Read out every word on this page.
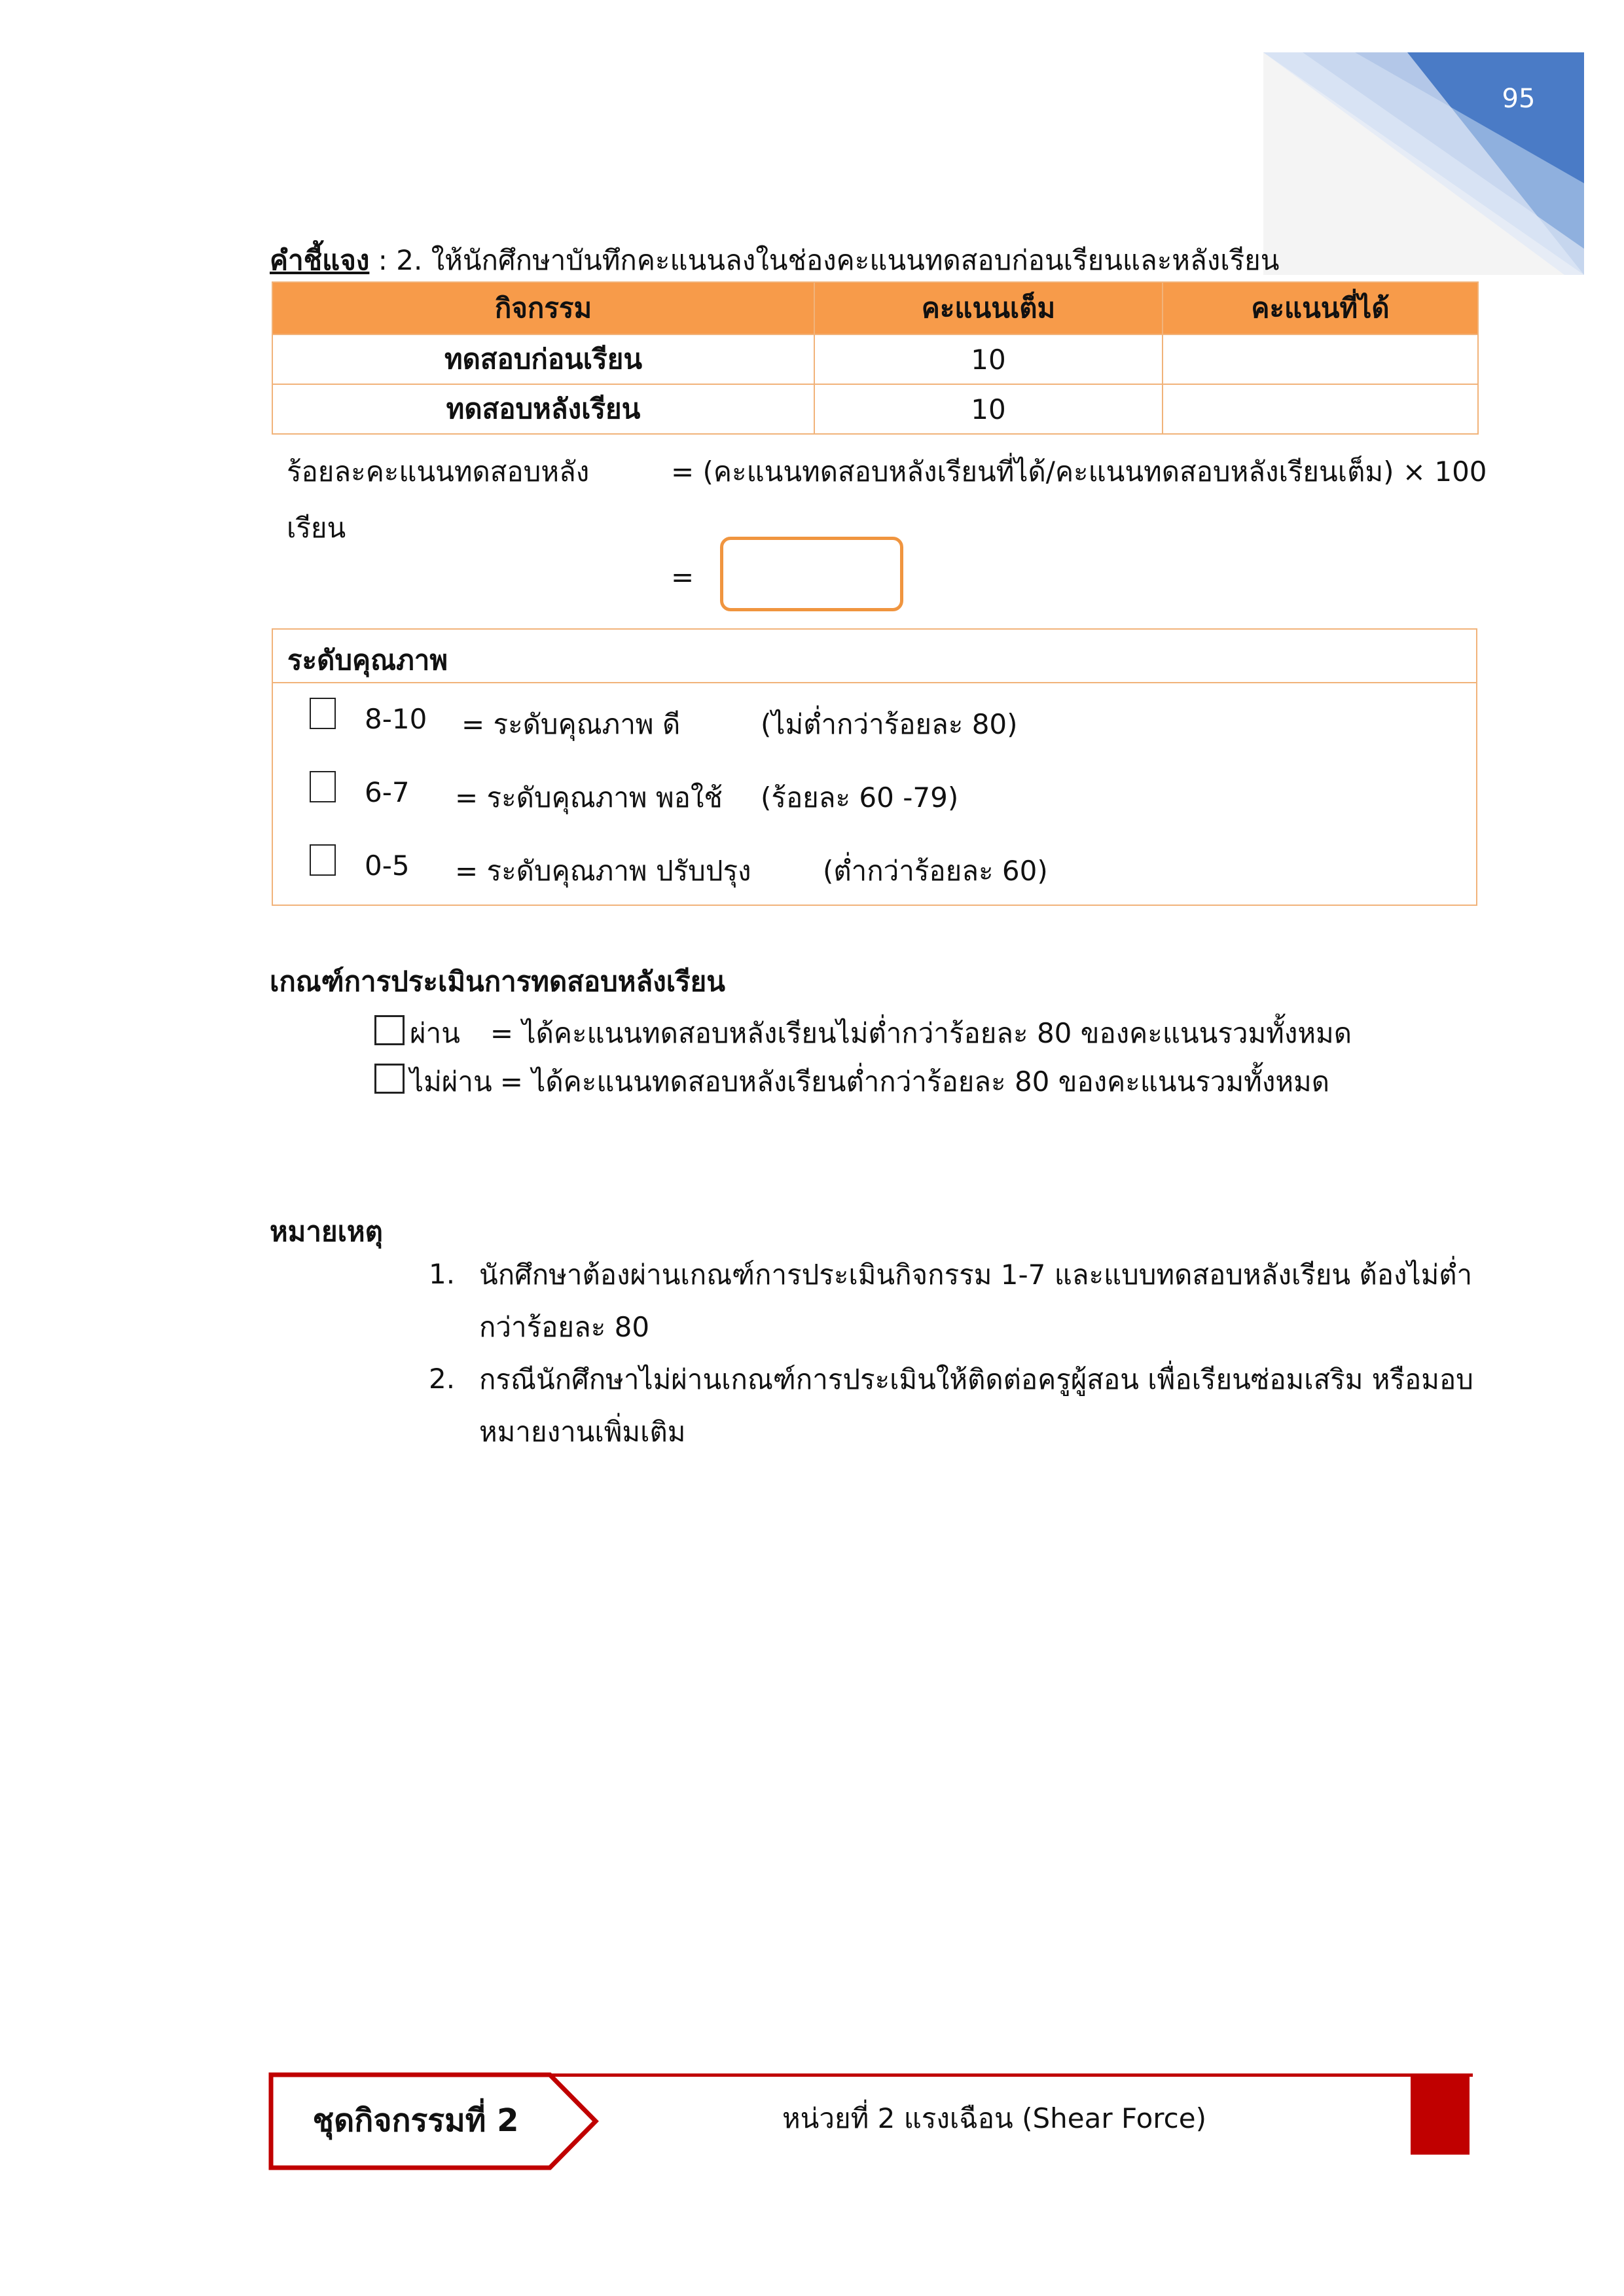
95
คำชี้แจง : 2. ให้นักศึกษาบันทึกคะแนนลงในช่องคะแนนทดสอบก่อนเรียนและหลังเรียน
กิจกรรม	คะแนนเต็ม	คะแนนที่ได้
ทดสอบก่อนเรียน	10	
ทดสอบหลังเรียน	10	
ร้อยละคะแนนทดสอบหลัง เรียน
= (คะแนนทดสอบหลังเรียนที่ได้/คะแนนทดสอบหลังเรียนเต็ม) × 100
=
ระดับคุณภาพ
8-10 = ระดับคุณภาพ ดี	(ไม่ต่ำกว่าร้อยละ 80)
6-7 = ระดับคุณภาพ พอใช้ (ร้อยละ 60 -79)
0-5 = ระดับคุณภาพ ปรับปรุง	(ต่ำกว่าร้อยละ 60)
เกณฑ์การประเมินการทดสอบหลังเรียน
ผ่าน = ได้คะแนนทดสอบหลังเรียนไม่ต่ำกว่าร้อยละ 80 ของคะแนนรวมทั้งหมด
ไม่ผ่าน = ได้คะแนนทดสอบหลังเรียนต่ำกว่าร้อยละ 80 ของคะแนนรวมทั้งหมด
หมายเหตุ
1. นักศึกษาต้องผ่านเกณฑ์การประเมินกิจกรรม 1-7 และแบบทดสอบหลังเรียน ต้องไม่ต่ำกว่าร้อยละ 80
2. กรณีนักศึกษาไม่ผ่านเกณฑ์การประเมินให้ติดต่อครูผู้สอน เพื่อเรียนซ่อมเสริม หรือมอบหมายงานเพิ่มเติม
ชุดกิจกรรมที่ 2	หน่วยที่ 2 แรงเฉือน (Shear Force)
